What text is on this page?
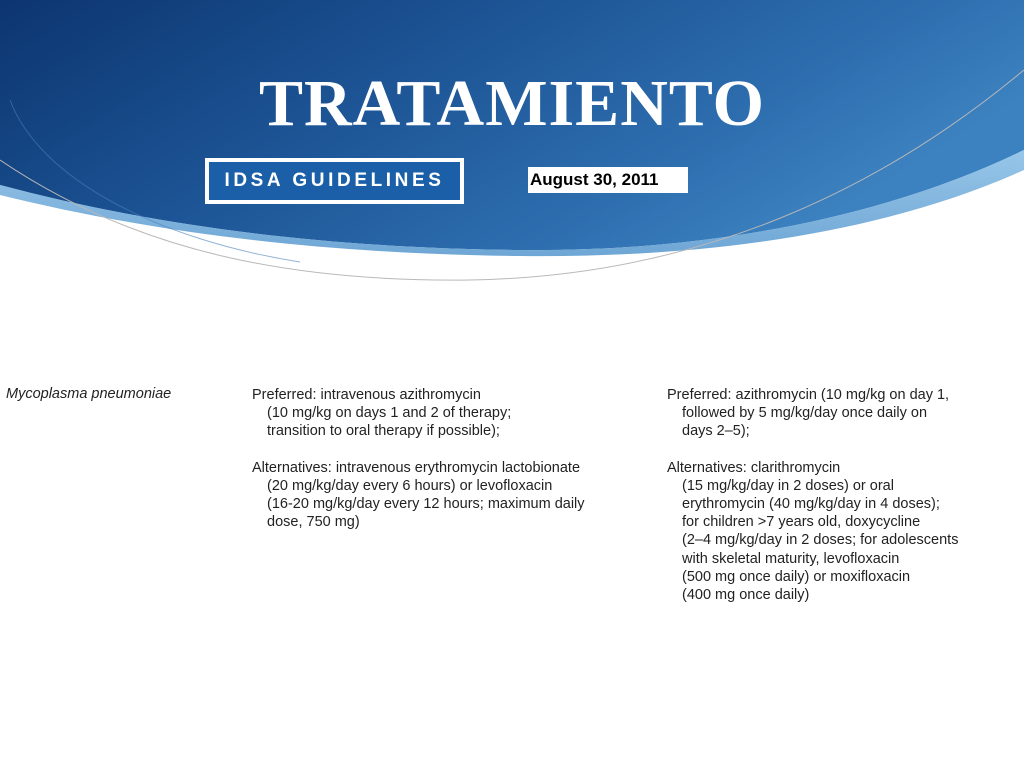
TRATAMIENTO
IDSA GUIDELINES	August 30, 2011
Mycoplasma pneumoniae	Preferred: intravenous azithromycin
(10 mg/kg on days 1 and 2 of therapy;
transition to oral therapy if possible);
Alternatives: intravenous erythromycin lactobionate
(20 mg/kg/day every 6 hours) or levofloxacin
(16-20 mg/kg/day every 12 hours; maximum daily
dose, 750 mg)
Preferred: azithromycin (10 mg/kg on day 1,
followed by 5 mg/kg/day once daily on
days 2–5);
Alternatives: clarithromycin
(15 mg/kg/day in 2 doses) or oral
erythromycin (40 mg/kg/day in 4 doses);
for children >7 years old, doxycycline
(2–4 mg/kg/day in 2 doses; for adolescents
with skeletal maturity, levofloxacin
(500 mg once daily) or moxifloxacin
(400 mg once daily)
